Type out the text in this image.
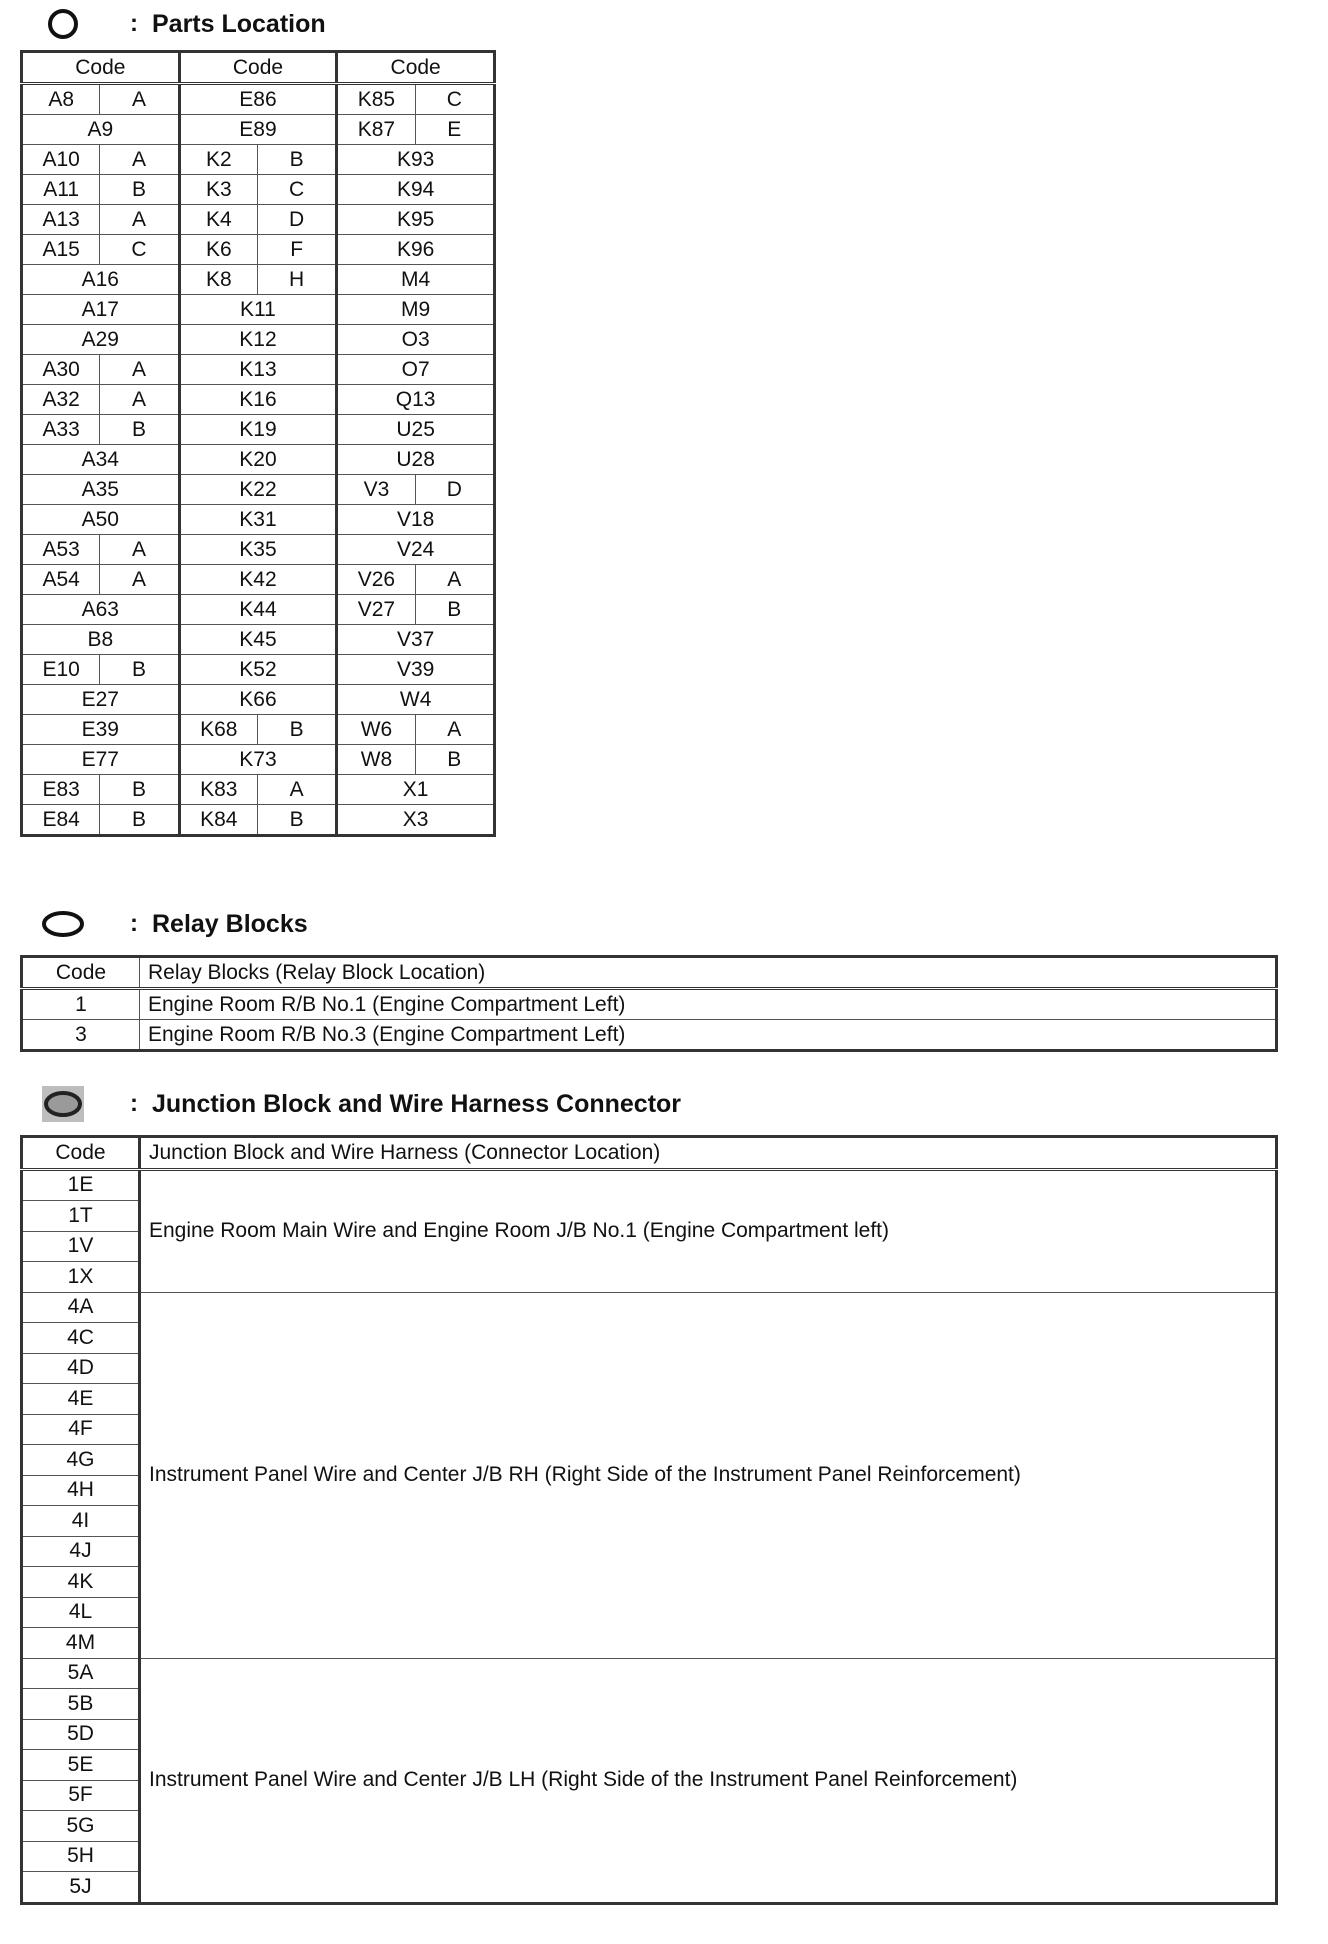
: Parts Location
Code		Code		Code	
A8	A	E86		K85	C
A9		E89		K87	E
A10	A	K2	B	K93	
A11	B	K3	C	K94	
A13	A	K4	D	K95	
A15	C	K6	F	K96	
A16		K8	H	M4	
A17		K11		M9	
A29		K12		O3	
A30	A	K13		O7	
A32	A	K16		Q13	
A33	B	K19		U25	
A34		K20		U28	
A35		K22		V3	D
A50		K31		V18	
A53	A	K35		V24	
A54	A	K42		V26	A
A63		K44		V27	B
B8		K45		V37	
E10	B	K52		V39	
E27		K66		W4	
E39		K68	B	W6	A
E77		K73		W8	B
E83	B	K83	A	X1	
E84	B	K84	B	X3	
: Relay Blocks
Code	Relay Blocks (Relay Block Location)
1	Engine Room R/B No.1 (Engine Compartment Left)
3	Engine Room R/B No.3 (Engine Compartment Left)
: Junction Block and Wire Harness Connector
Code	Junction Block and Wire Harness (Connector Location)
1E	Engine Room Main Wire and Engine Room J/B No.1 (Engine Compartment left)
1T	
1V	
1X	
4A	Instrument Panel Wire and Center J/B RH (Right Side of the Instrument Panel Reinforcement)
4C	
4D	
4E	
4F	
4G	
4H	
4I	
4J	
4K	
4L	
4M	
5A	Instrument Panel Wire and Center J/B LH (Right Side of the Instrument Panel Reinforcement)
5B	
5D	
5E	
5F	
5G	
5H	
5J	
